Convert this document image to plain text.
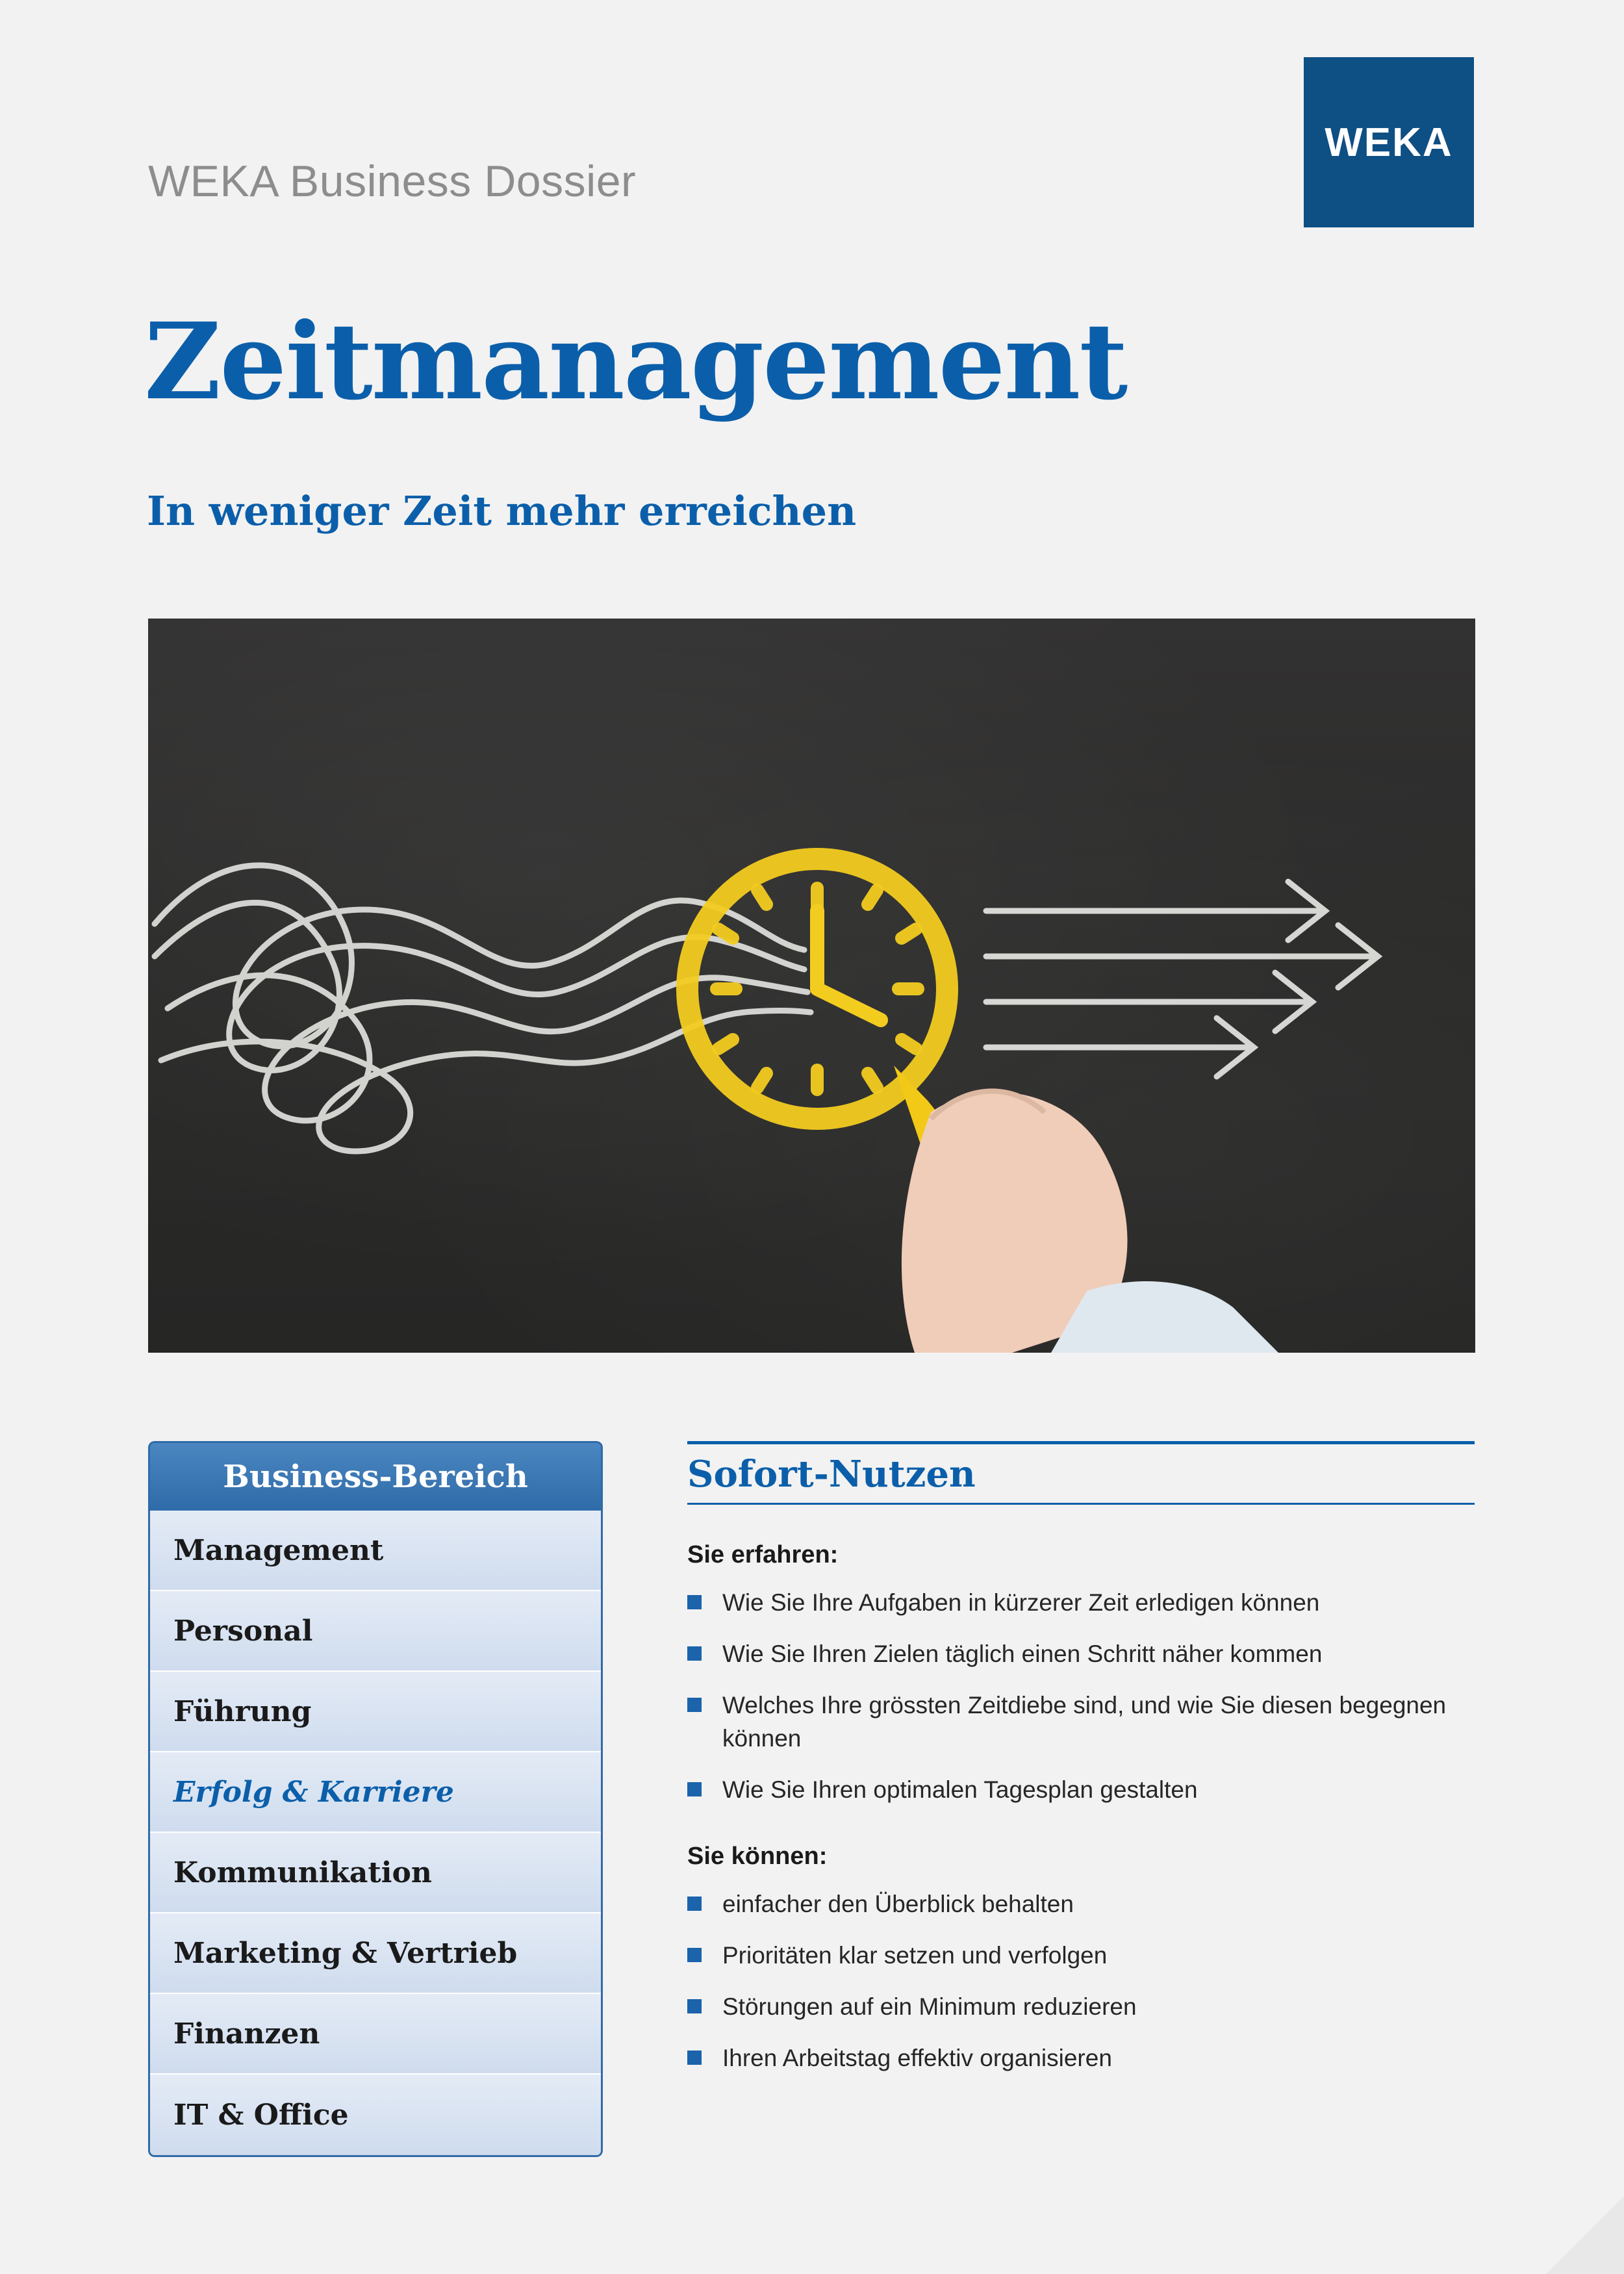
WEKA Business Dossier
WEKA
Zeitmanagement
In weniger Zeit mehr erreichen
Business-Bereich
Management
Personal
Führung
Erfolg & Karriere
Kommunikation
Marketing & Vertrieb
Finanzen
IT & Office
Sofort-Nutzen
Sie erfahren:
Wie Sie Ihre Aufgaben in kürzerer Zeit erledigen können
Wie Sie Ihren Zielen täglich einen Schritt näher kommen
Welches Ihre grössten Zeitdiebe sind, und wie Sie diesen begegnen können
Wie Sie Ihren optimalen Tagesplan gestalten
Sie können:
einfacher den Überblick behalten
Prioritäten klar setzen und verfolgen
Störungen auf ein Minimum reduzieren
Ihren Arbeitstag effektiv organisieren
